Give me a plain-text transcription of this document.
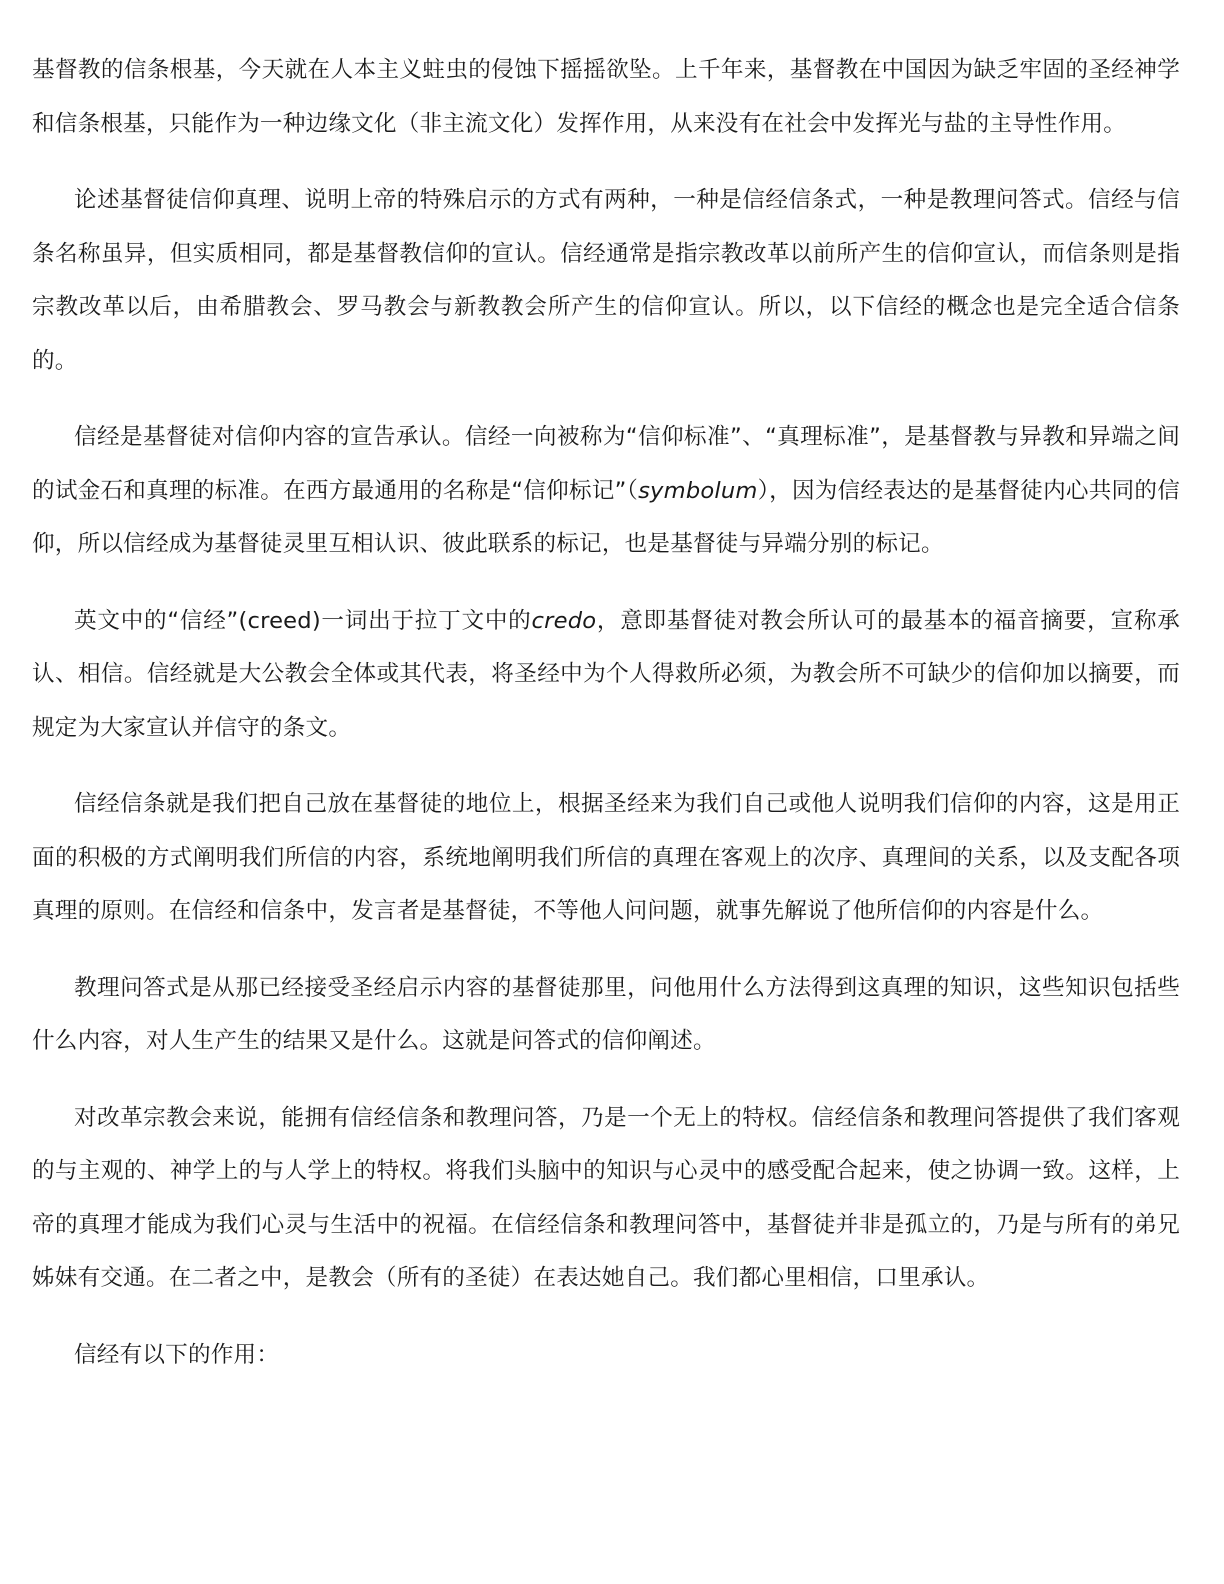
基督教的信条根基，今天就在人本主义蛀虫的侵蚀下摇摇欲坠。上千年来，基督教在中国因为缺乏牢固的圣经神学和信条根基，只能作为一种边缘文化（非主流文化）发挥作用，从来没有在社会中发挥光与盐的主导性作用。

论述基督徒信仰真理、说明上帝的特殊启示的方式有两种，一种是信经信条式，一种是教理问答式。信经与信条名称虽异，但实质相同，都是基督教信仰的宣认。信经通常是指宗教改革以前所产生的信仰宣认，而信条则是指宗教改革以后，由希腊教会、罗马教会与新教教会所产生的信仰宣认。所以，以下信经的概念也是完全适合信条的。

信经是基督徒对信仰内容的宣告承认。信经一向被称为“信仰标准”、“真理标准”，是基督教与异教和异端之间的试金石和真理的标准。在西方最通用的名称是“信仰标记”（symbolum），因为信经表达的是基督徒内心共同的信仰，所以信经成为基督徒灵里互相认识、彼此联系的标记，也是基督徒与异端分别的标记。

英文中的“信经”(creed)一词出于拉丁文中的credo，意即基督徒对教会所认可的最基本的福音摘要，宣称承认、相信。信经就是大公教会全体或其代表，将圣经中为个人得救所必须，为教会所不可缺少的信仰加以摘要，而规定为大家宣认并信守的条文。

信经信条就是我们把自己放在基督徒的地位上，根据圣经来为我们自己或他人说明我们信仰的内容，这是用正面的积极的方式阐明我们所信的内容，系统地阐明我们所信的真理在客观上的次序、真理间的关系，以及支配各项真理的原则。在信经和信条中，发言者是基督徒，不等他人问问题，就事先解说了他所信仰的内容是什么。

教理问答式是从那已经接受圣经启示内容的基督徒那里，问他用什么方法得到这真理的知识，这些知识包括些什么内容，对人生产生的结果又是什么。这就是问答式的信仰阐述。

对改革宗教会来说，能拥有信经信条和教理问答，乃是一个无上的特权。信经信条和教理问答提供了我们客观的与主观的、神学上的与人学上的特权。将我们头脑中的知识与心灵中的感受配合起来，使之协调一致。这样，上帝的真理才能成为我们心灵与生活中的祝福。在信经信条和教理问答中，基督徒并非是孤立的，乃是与所有的弟兄姊妹有交通。在二者之中，是教会（所有的圣徒）在表达她自己。我们都心里相信，口里承认。

信经有以下的作用：
